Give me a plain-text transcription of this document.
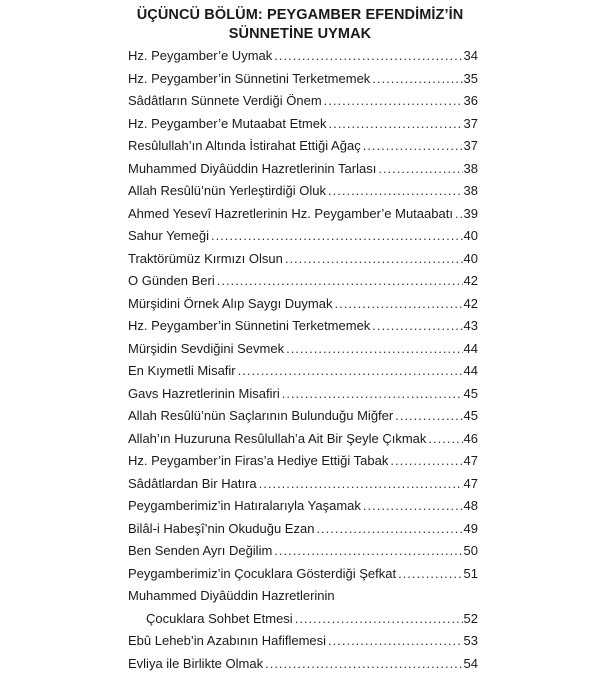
ÜÇÜNCÜ BÖLÜM: PEYGAMBER EFENDİMİZ’İN
SÜNNETİNE UYMAK
Hz. Peygamber’e Uymak .....	34
Hz. Peygamber’in Sünnetini Terketmemek .....	35
Sâdâtların Sünnete Verdiği Önem .....	36
Hz. Peygamber’e Mutaabat Etmek .....	37
Resûlullah’ın Altında İstirahat Ettiği Ağaç .....	37
Muhammed Diyâüddin Hazretlerinin Tarlası .....	38
Allah Resûlü’nün Yerleştirdiği Oluk .....	38
Ahmed Yesevî Hazretlerinin Hz. Peygamber’e Mutaabatı ..... 39
Sahur Yemeği .....	40
Traktörümüz Kırmızı Olsun .....	40
O Günden Beri .....	42
Mürşidini Örnek Alıp Saygı Duymak .....	42
Hz. Peygamber’in Sünnetini Terketmemek .....	43
Mürşidin Sevdiğini Sevmek .....	44
En Kıymetli Misafir .....	44
Gavs Hazretlerinin Misafiri .....	45
Allah Resûlü’nün Saçlarının Bulunduğu Miğfer .....	45
Allah’ın Huzuruna Resûlullah’a Ait Bir Şeyle Çıkmak .....	46
Hz. Peygamber’in Firas’a Hediye Ettiği Tabak .....	47
Sâdâtlardan Bir Hatıra .....	47
Peygamberimiz’in Hatıralarıyla Yaşamak .....	48
Bilâl-i Habeşî’nin Okuduğu Ezan .....	49
Ben Senden Ayrı Değilim .....	50
Peygamberimiz’in Çocuklara Gösterdiği Şefkat .....	51
Muhammed Diyâüddin Hazretlerinin
Çocuklara Sohbet Etmesi .....	52
Ebû Leheb’in Azabının Hafiflemesi .....	53
Evliya ile Birlikte Olmak .....	54
